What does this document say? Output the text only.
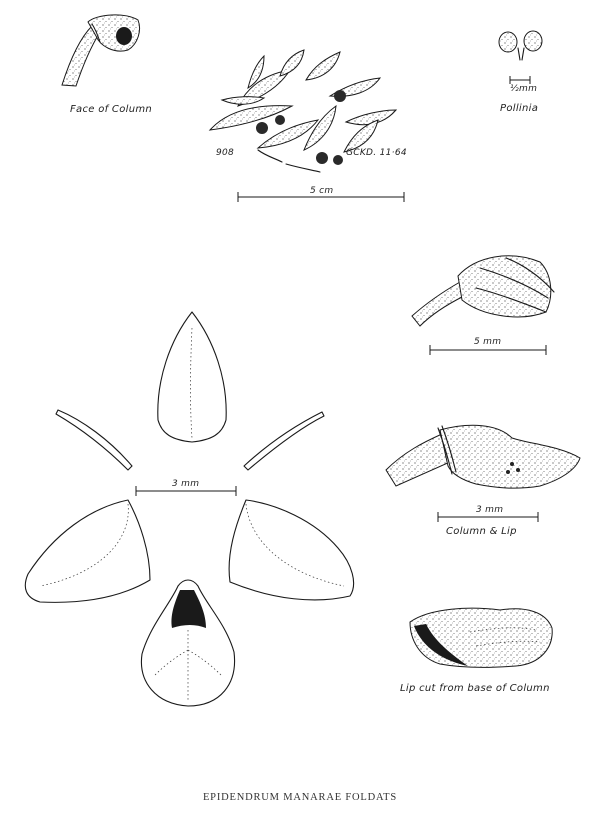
Face of Column	Pollinia
½mm
5 cm
908	GCKD. 11·64
5 mm
3 mm
3 mm
Column & Lip
Lip cut from base of Column
EPIDENDRUM MANARAE FOLDATS
